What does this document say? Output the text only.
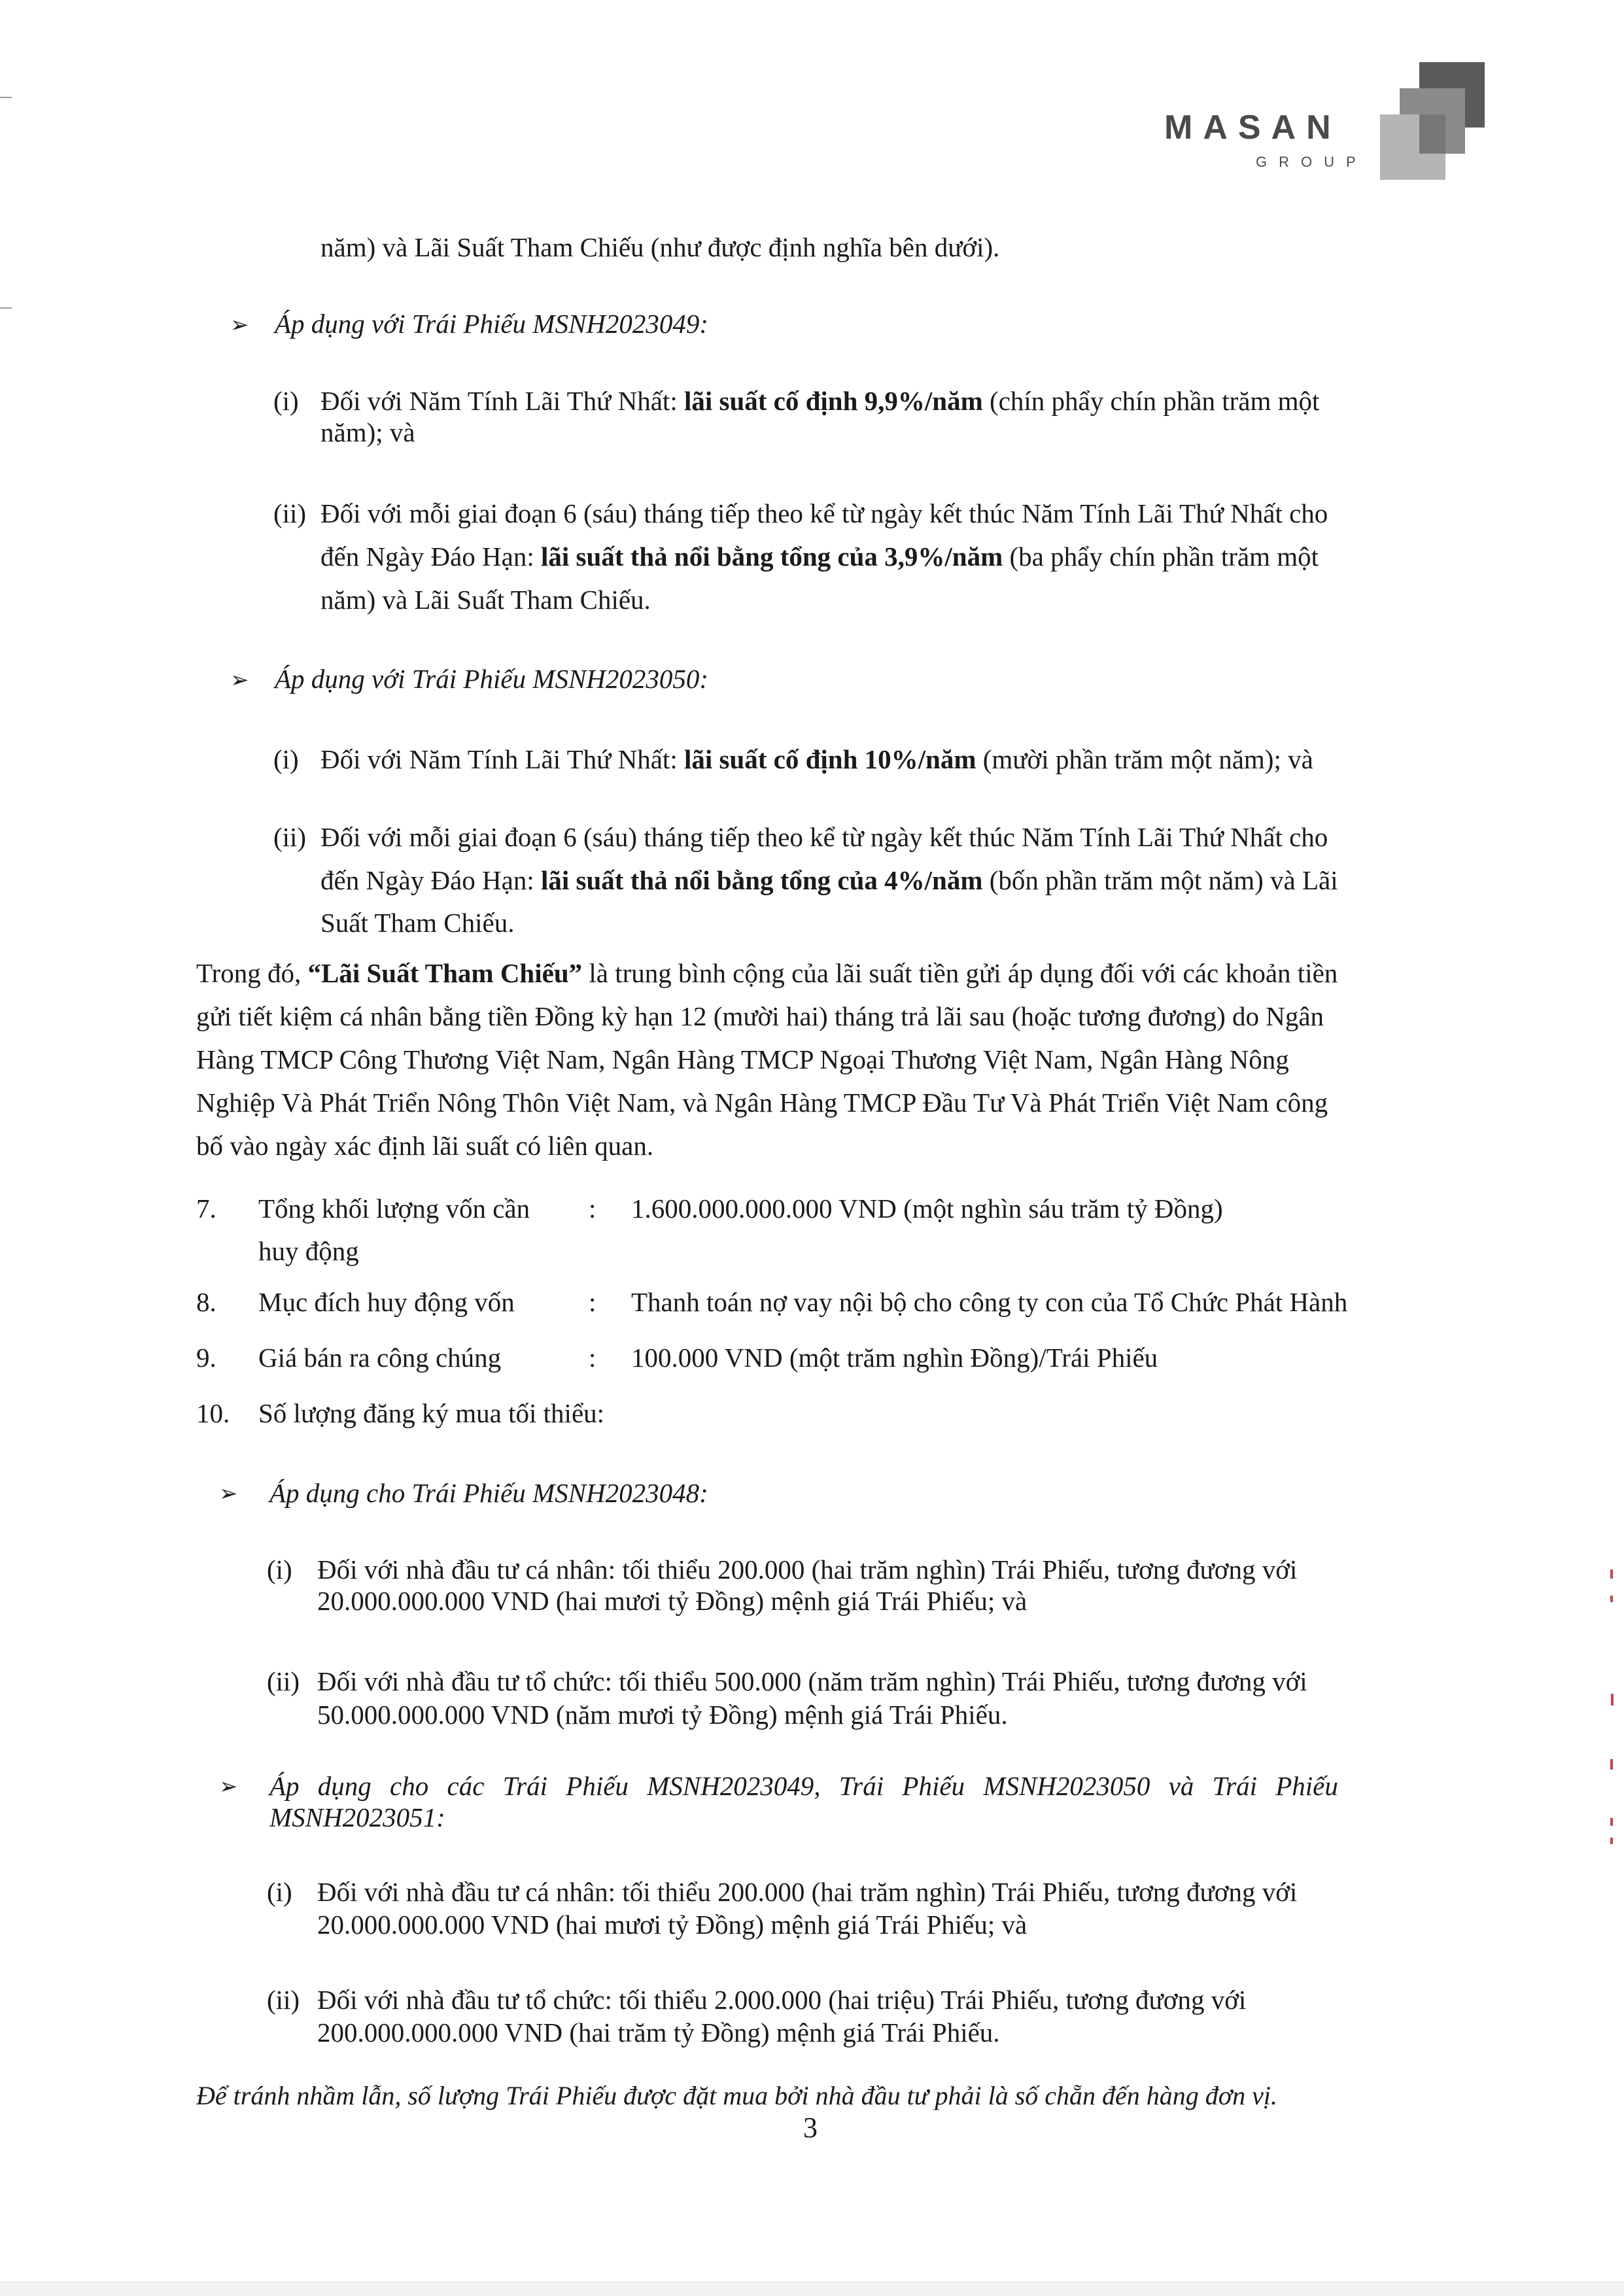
MASAN
GROUP
năm) và Lãi Suất Tham Chiếu (như được định nghĩa bên dưới).
➢ Áp dụng với Trái Phiếu MSNH2023049:
(i) Đối với Năm Tính Lãi Thứ Nhất: lãi suất cố định 9,9%/năm (chín phẩy chín phần trăm một
năm); và
(ii) Đối với mỗi giai đoạn 6 (sáu) tháng tiếp theo kể từ ngày kết thúc Năm Tính Lãi Thứ Nhất cho
đến Ngày Đáo Hạn: lãi suất thả nổi bằng tổng của 3,9%/năm (ba phẩy chín phần trăm một
năm) và Lãi Suất Tham Chiếu.
➢ Áp dụng với Trái Phiếu MSNH2023050:
(i) Đối với Năm Tính Lãi Thứ Nhất: lãi suất cố định 10%/năm (mười phần trăm một năm); và
(ii) Đối với mỗi giai đoạn 6 (sáu) tháng tiếp theo kể từ ngày kết thúc Năm Tính Lãi Thứ Nhất cho
đến Ngày Đáo Hạn: lãi suất thả nổi bằng tổng của 4%/năm (bốn phần trăm một năm) và Lãi
Suất Tham Chiếu.
Trong đó, “Lãi Suất Tham Chiếu” là trung bình cộng của lãi suất tiền gửi áp dụng đối với các khoản tiền
gửi tiết kiệm cá nhân bằng tiền Đồng kỳ hạn 12 (mười hai) tháng trả lãi sau (hoặc tương đương) do Ngân
Hàng TMCP Công Thương Việt Nam, Ngân Hàng TMCP Ngoại Thương Việt Nam, Ngân Hàng Nông
Nghiệp Và Phát Triển Nông Thôn Việt Nam, và Ngân Hàng TMCP Đầu Tư Và Phát Triển Việt Nam công
bố vào ngày xác định lãi suất có liên quan.
7. Tổng khối lượng vốn cần
huy động
: 1.600.000.000.000 VND (một nghìn sáu trăm tỷ Đồng)
8. Mục đích huy động vốn	: Thanh toán nợ vay nội bộ cho công ty con của Tổ Chức Phát Hành
9. Giá bán ra công chúng	: 100.000 VND (một trăm nghìn Đồng)/Trái Phiếu
10. Số lượng đăng ký mua tối thiểu:
➢ Áp dụng cho Trái Phiếu MSNH2023048:
(i) Đối với nhà đầu tư cá nhân: tối thiểu 200.000 (hai trăm nghìn) Trái Phiếu, tương đương với
20.000.000.000 VND (hai mươi tỷ Đồng) mệnh giá Trái Phiếu; và
(ii) Đối với nhà đầu tư tổ chức: tối thiểu 500.000 (năm trăm nghìn) Trái Phiếu, tương đương với
50.000.000.000 VND (năm mươi tỷ Đồng) mệnh giá Trái Phiếu.
➢ Áp dụng cho các Trái Phiếu MSNH2023049, Trái Phiếu MSNH2023050 và Trái Phiếu
MSNH2023051:
(i) Đối với nhà đầu tư cá nhân: tối thiểu 200.000 (hai trăm nghìn) Trái Phiếu, tương đương với
20.000.000.000 VND (hai mươi tỷ Đồng) mệnh giá Trái Phiếu; và
(ii) Đối với nhà đầu tư tổ chức: tối thiểu 2.000.000 (hai triệu) Trái Phiếu, tương đương với
200.000.000.000 VND (hai trăm tỷ Đồng) mệnh giá Trái Phiếu.
Để tránh nhầm lẫn, số lượng Trái Phiếu được đặt mua bởi nhà đầu tư phải là số chẵn đến hàng đơn vị.
3
